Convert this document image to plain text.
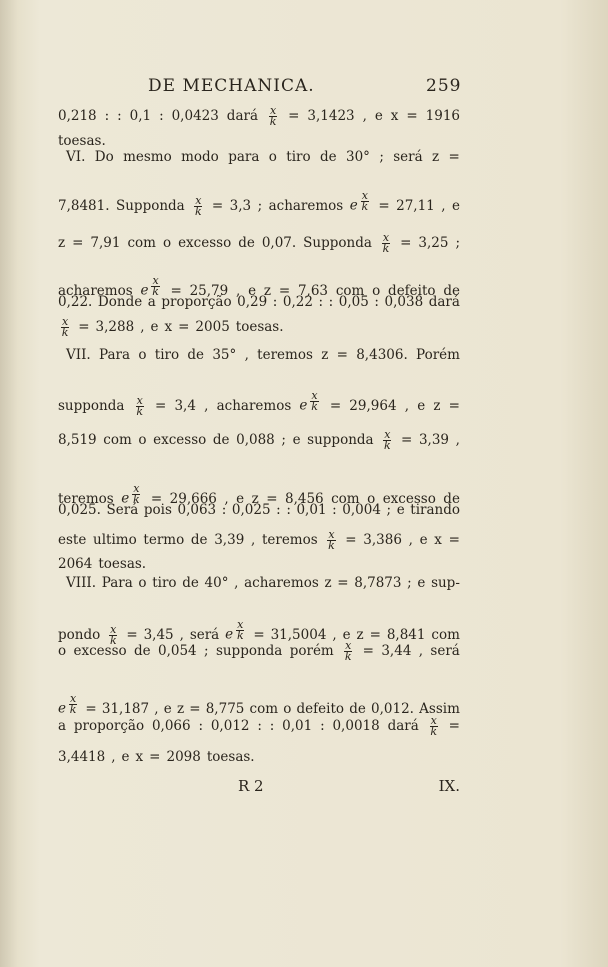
DE MECHANICA.	259
0,218 : : 0,1 : 0,0423 dará $\frac{x}{k} = 3,1423$ , e x = 1916
toesas.
VI. Do mesmo modo para o tiro de 30° ; será z =
7,8481. Supponda $\frac{x}{k} = 3,3$ ; acharemos e $^{\frac{x}{k}}$ = 27,11 , e
z = 7,91 com o excesso de 0,07. Supponda $\frac{x}{k} = 3,25$ ;
acharemos e $^{\frac{x}{k}}$ = 25,79 , e z = 7,63 com o defeito de
0,22. Donde a proporção 0,29 : 0,22 : : 0,05 : 0,038 dará
$\frac{x}{k} = 3,288$ , e x = 2005 toesas.
VII. Para o tiro de 35° , teremos z = 8,4306. Porém
supponda $\frac{x}{k} = 3,4$ , acharemos e $^{\frac{x}{k}}$ = 29,964 , e z =
8,519 com o excesso de 0,088 ; e supponda $\frac{x}{k} = 3,39$ ,
teremos e $^{\frac{x}{k}}$ = 29,666 , e z = 8,456 com o excesso de
0,025. Será pois 0,063 : 0,025 : : 0,01 : 0,004 ; e tirando
este ultimo termo de 3,39 , teremos $\frac{x}{k} = 3,386$ , e x =
2064 toesas.
VIII. Para o tiro de 40° , acharemos z = 8,7873 ; e sup-
pondo $\frac{x}{k} = 3,45$ , será e $^{\frac{x}{k}}$ = 31,5004 , e z = 8,841 com
o excesso de 0,054 ; supponda porém $\frac{x}{k} = 3,44$ , será
e $^{\frac{x}{k}}$ = 31,187 , e z = 8,775 com o defeito de 0,012. Assim
a proporção 0,066 : 0,012 : : 0,01 : 0,0018 dará $\frac{x}{k}$ =
3,4418 , e x = 2098 toesas.
R 2	IX.
